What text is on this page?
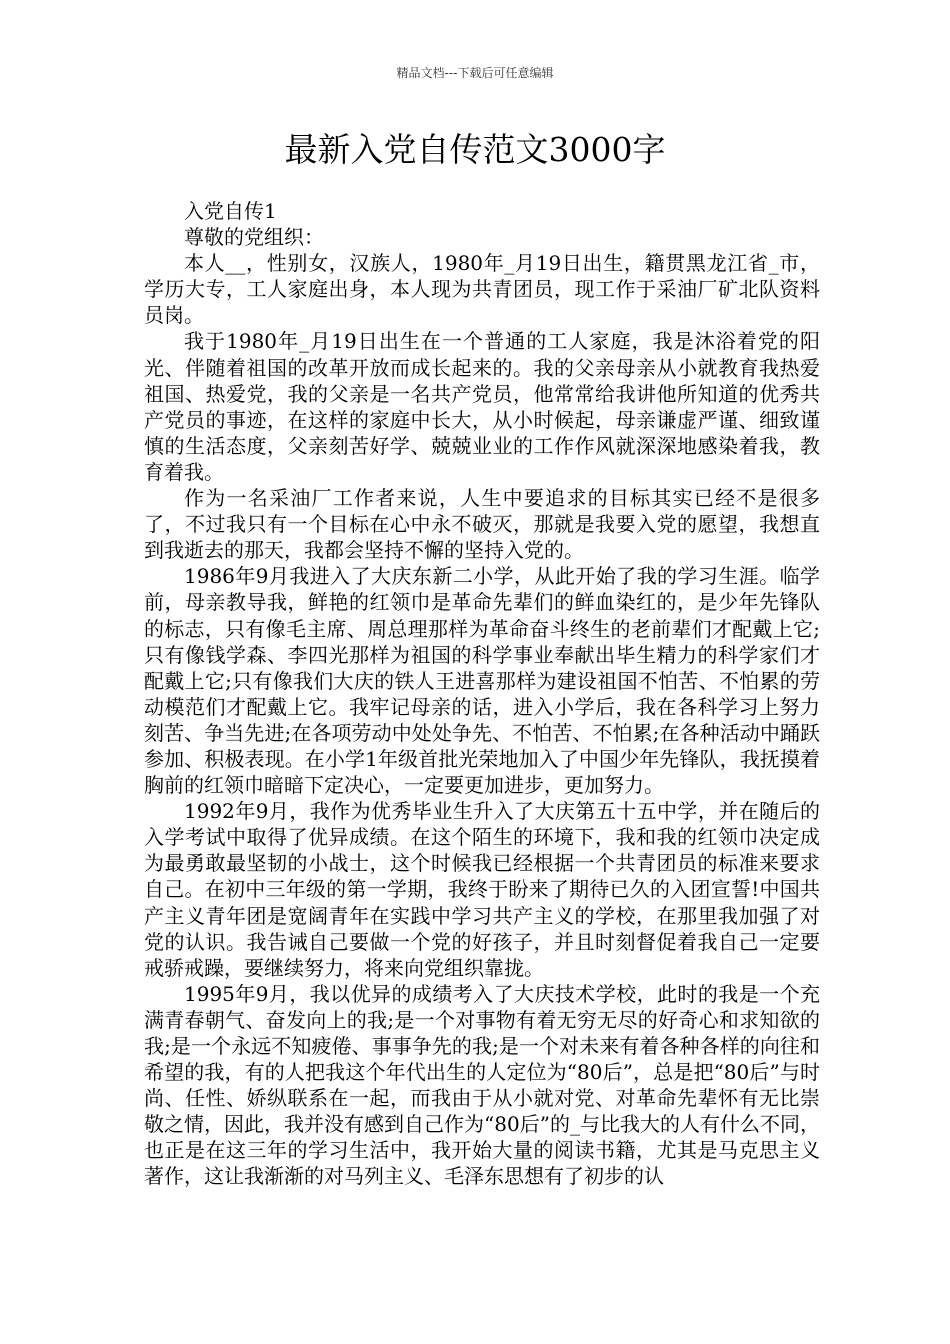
精品文档---下载后可任意编辑
最新入党自传范文3000字

入党自传1

尊敬的党组织：

本人__，性别女，汉族人，1980年_月19日出生，籍贯黑龙江省_市，学历大专，工人家庭出身，本人现为共青团员，现工作于采油厂矿北队资料员岗。

我于1980年_月19日出生在一个普通的工人家庭，我是沐浴着党的阳光、伴随着祖国的改革开放而成长起来的。我的父亲母亲从小就教育我热爱祖国、热爱党，我的父亲是一名共产党员，他常常给我讲他所知道的优秀共产党员的事迹，在这样的家庭中长大，从小时候起，母亲谦虚严谨、细致谨慎的生活态度，父亲刻苦好学、兢兢业业的工作作风就深深地感染着我，教育着我。

作为一名采油厂工作者来说，人生中要追求的目标其实已经不是很多了，不过我只有一个目标在心中永不破灭，那就是我要入党的愿望，我想直到我逝去的那天，我都会坚持不懈的坚持入党的。

1986年9月我进入了大庆东新二小学，从此开始了我的学习生涯。临学前，母亲教导我，鲜艳的红领巾是革命先辈们的鲜血染红的，是少年先锋队的标志，只有像毛主席、周总理那样为革命奋斗终生的老前辈们才配戴上它;只有像钱学森、李四光那样为祖国的科学事业奉献出毕生精力的科学家们才配戴上它;只有像我们大庆的铁人王进喜那样为建设祖国不怕苦、不怕累的劳动模范们才配戴上它。我牢记母亲的话，进入小学后，我在各科学习上努力刻苦、争当先进;在各项劳动中处处争先、不怕苦、不怕累;在各种活动中踊跃参加、积极表现。在小学1年级首批光荣地加入了中国少年先锋队，我抚摸着胸前的红领巾暗暗下定决心，一定要更加进步，更加努力。

1992年9月，我作为优秀毕业生升入了大庆第五十五中学，并在随后的入学考试中取得了优异成绩。在这个陌生的环境下，我和我的红领巾决定成为最勇敢最坚韧的小战士，这个时候我已经根据一个共青团员的标准来要求自己。在初中三年级的第一学期，我终于盼来了期待已久的入团宣誓!中国共产主义青年团是宽阔青年在实践中学习共产主义的学校，在那里我加强了对党的认识。我告诫自己要做一个党的好孩子，并且时刻督促着我自己一定要戒骄戒躁，要继续努力，将来向党组织靠拢。

1995年9月，我以优异的成绩考入了大庆技术学校，此时的我是一个充满青春朝气、奋发向上的我;是一个对事物有着无穷无尽的好奇心和求知欲的我;是一个永远不知疲倦、事事争先的我;是一个对未来有着各种各样的向往和希望的我，有的人把我这个年代出生的人定位为“80后”，总是把“80后”与时尚、任性、娇纵联系在一起，而我由于从小就对党、对革命先辈怀有无比崇敬之情，因此，我并没有感到自己作为“80后”的_与比我大的人有什么不同，也正是在这三年的学习生活中，我开始大量的阅读书籍，尤其是马克思主义著作，这让我渐渐的对马列主义、毛泽东思想有了初步的认
